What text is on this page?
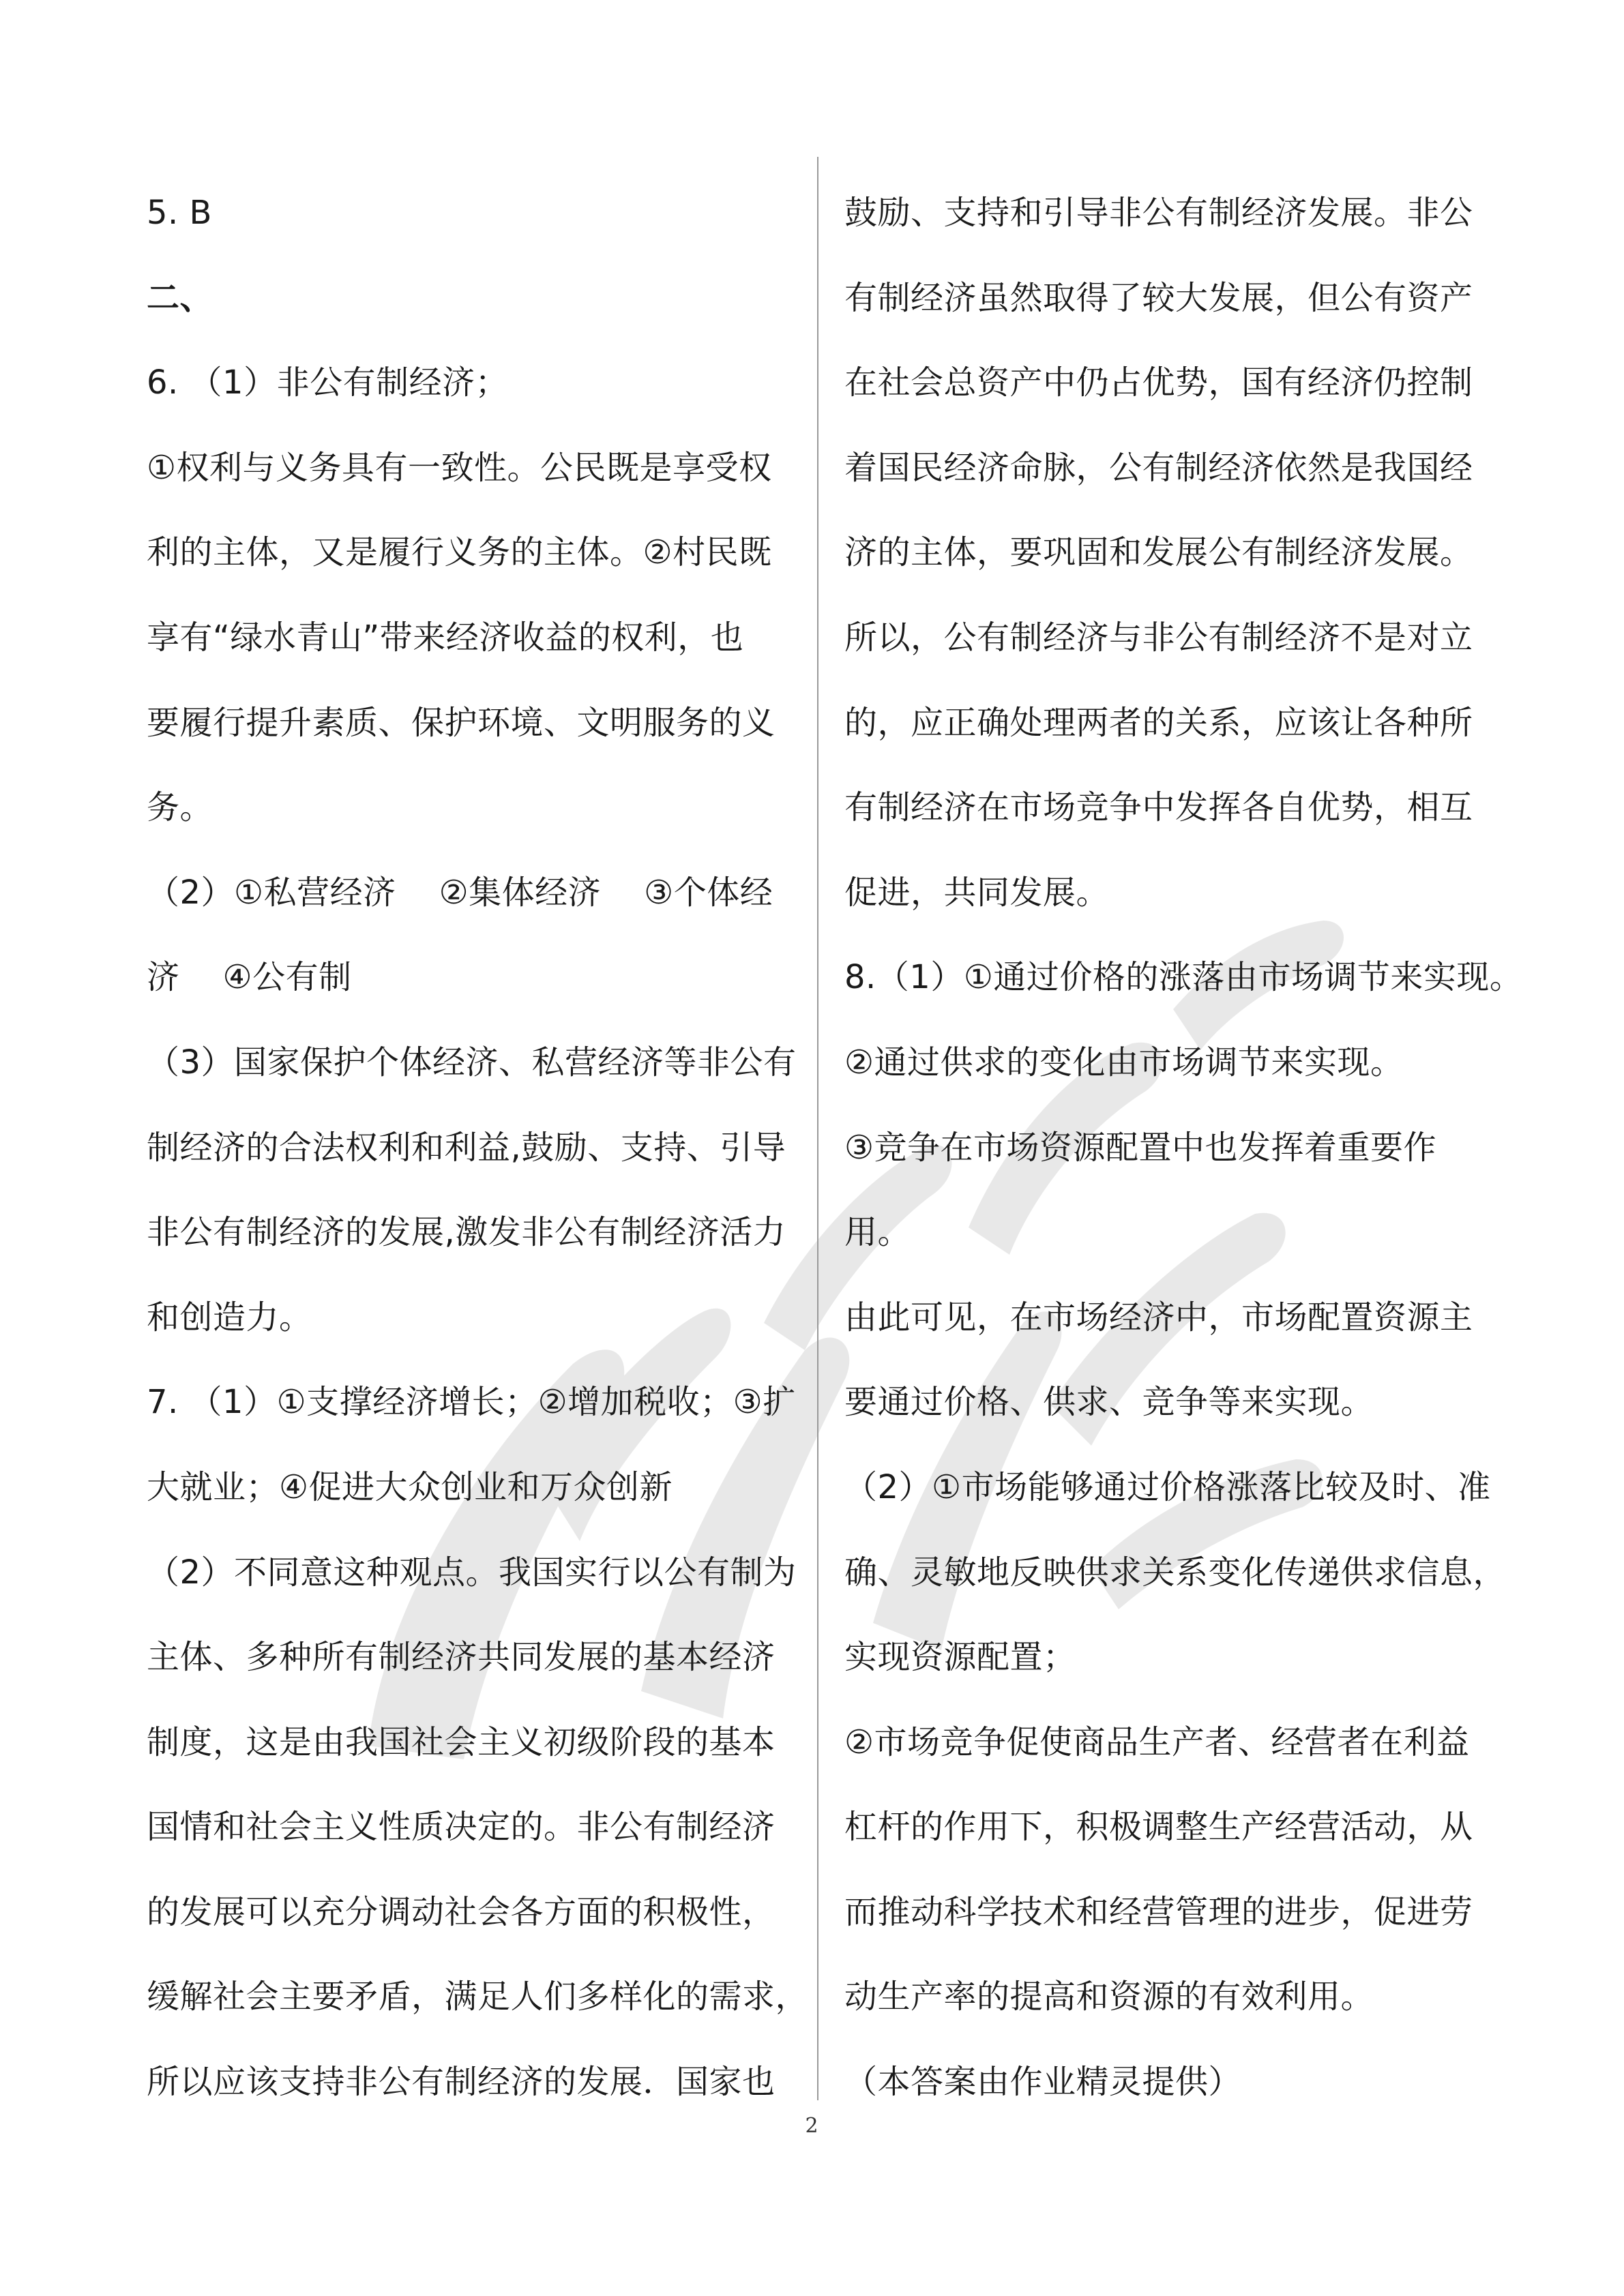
5. B
二、
6. （1）非公有制经济；
①权利与义务具有一致性。公民既是享受权
利的主体，又是履行义务的主体。②村民既
享有“绿水青山”带来经济收益的权利，也
要履行提升素质、保护环境、文明服务的义
务。
（2）①私营经济    ②集体经济    ③个体经
济    ④公有制
（3）国家保护个体经济、私营经济等非公有
制经济的合法权利和利益,鼓励、支持、引导
非公有制经济的发展,激发非公有制经济活力
和创造力。
7. （1）①支撑经济增长；②增加税收；③扩
大就业；④促进大众创业和万众创新
（2）不同意这种观点。我国实行以公有制为
主体、多种所有制经济共同发展的基本经济
制度，这是由我国社会主义初级阶段的基本
国情和社会主义性质决定的。非公有制经济
的发展可以充分调动社会各方面的积极性，
缓解社会主要矛盾，满足人们多样化的需求，
所以应该支持非公有制经济的发展．国家也
鼓励、支持和引导非公有制经济发展。非公
有制经济虽然取得了较大发展，但公有资产
在社会总资产中仍占优势，国有经济仍控制
着国民经济命脉，公有制经济依然是我国经
济的主体，要巩固和发展公有制经济发展。
所以，公有制经济与非公有制经济不是对立
的，应正确处理两者的关系，应该让各种所
有制经济在市场竞争中发挥各自优势，相互
促进，共同发展。
8.（1）①通过价格的涨落由市场调节来实现。
②通过供求的变化由市场调节来实现。
③竞争在市场资源配置中也发挥着重要作
用。
由此可见，在市场经济中，市场配置资源主
要通过价格、供求、竞争等来实现。
（2）①市场能够通过价格涨落比较及时、准
确、灵敏地反映供求关系变化传递供求信息，
实现资源配置；
②市场竞争促使商品生产者、经营者在利益
杠杆的作用下，积极调整生产经营活动，从
而推动科学技术和经营管理的进步，促进劳
动生产率的提高和资源的有效利用。
（本答案由作业精灵提供）
2
